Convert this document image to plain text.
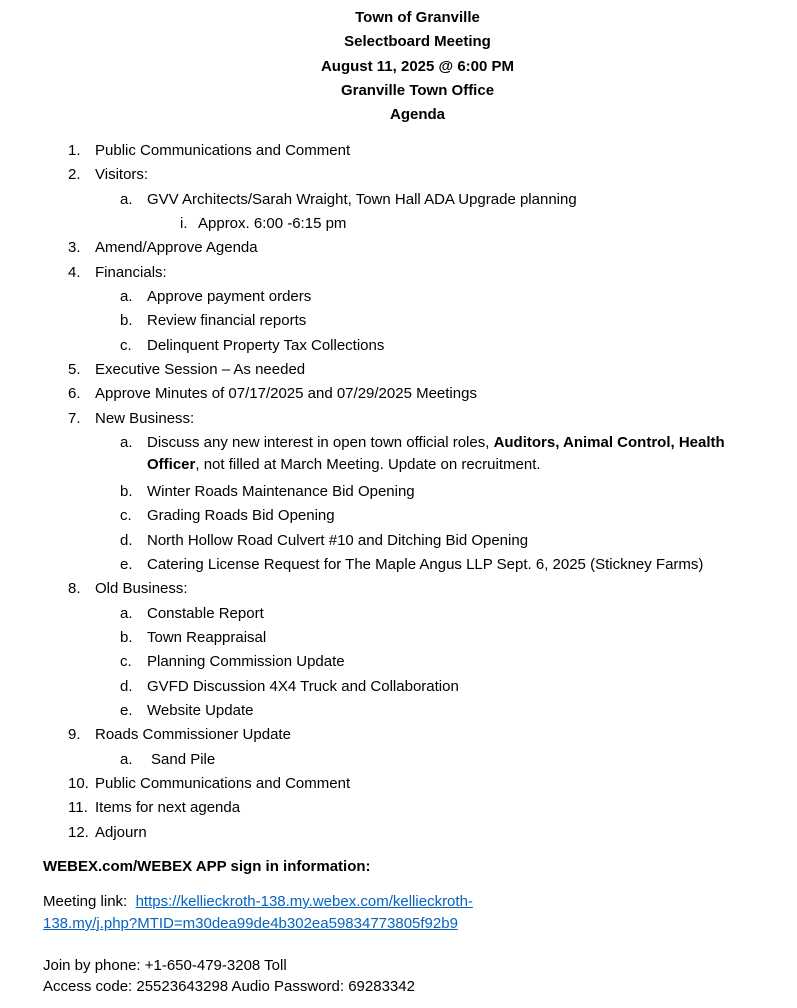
Town of Granville
Selectboard Meeting
August 11, 2025 @ 6:00 PM
Granville Town Office
Agenda
1. Public Communications and Comment
2. Visitors:
a. GVV Architects/Sarah Wraight, Town Hall ADA Upgrade planning
i. Approx. 6:00 -6:15 pm
3. Amend/Approve Agenda
4. Financials:
a. Approve payment orders
b. Review financial reports
c. Delinquent Property Tax Collections
5. Executive Session – As needed
6. Approve Minutes of 07/17/2025 and 07/29/2025 Meetings
7. New Business:
a. Discuss any new interest in open town official roles, Auditors, Animal Control, Health Officer, not filled at March Meeting. Update on recruitment.
b. Winter Roads Maintenance Bid Opening
c. Grading Roads Bid Opening
d. North Hollow Road Culvert #10 and Ditching Bid Opening
e. Catering License Request for The Maple Angus LLP Sept. 6, 2025 (Stickney Farms)
8. Old Business:
a. Constable Report
b. Town Reappraisal
c. Planning Commission Update
d. GVFD Discussion 4X4 Truck and Collaboration
e. Website Update
9. Roads Commissioner Update
a. Sand Pile
10. Public Communications and Comment
11. Items for next agenda
12. Adjourn
WEBEX.com/WEBEX APP sign in information:
Meeting link: https://kellieckroth-138.my.webex.com/kellieckroth-138.my/j.php?MTID=m30dea99de4b302ea59834773805f92b9
Join by phone: +1-650-479-3208 Toll
Access code: 25523643298 Audio Password: 69283342
